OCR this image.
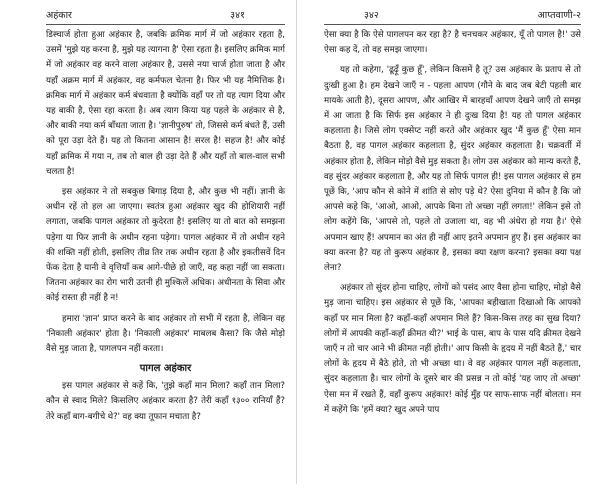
अहंकार	३४१

डिस्चार्ज होता हुआ अहंकार है, जबकि क्रमिक मार्ग में जो अहंकार रहता है, उसमें 'मुझे यह करना है, मुझे यह त्यागना है' ऐसा रहता है। इसलिए क्रमिक मार्ग में जो अहंकार वह करने वाला अहंकार है, उससे नया चार्ज होता जाता है और यहाँ अक्रम मार्ग में अहंकार, वह कर्मफल चेतना है। फिर भी यह नैमित्तिक है। क्रमिक मार्ग में अहंकार कर्म बंधवाता है क्योंकि वहाँ पर तो यह त्याग दिया और यह बाकी है, ऐसा रहा करता है। अब त्याग किया यह पहले के अहंकार से है, और बाकी नया कर्म बाँधता जाता है। 'ज्ञानीपुरुष' तो, जिससे कर्म बंधते हैं, उसी को पूरा उड़ा देते हैं। यह तो कितना आसान है! सरल है! सहज है! और कोई यहाँ क्रमिक में गया न, तब तो बाल ही उड़ा देते हैं और यहाँ तो बाल-वाल सभी चलता है!

इस अहंकार ने तो सबकुछ बिगाड़ दिया है, और कुछ भी नहीं। ज्ञानी के अधीन रहें तो हल आ जाएगा। स्वतंत्र हुआ अहंकार खुद की होशियारी नहीं लगाता, जबकि पागल अहंकार तो कुदेरता है! इसलिए या तो बात को समझना पड़ेगा या फिर ज्ञानी के अधीन रहना पड़ेगा। पागल अहंकार में तो अधीन रहने की शक्ति नहीं होती, इसलिए तीव्र तिर तक अधीन रहता है और इकतीसवें दिन फेंक देता है यानी वे वृत्तियाँ कब आगे-पीछे हो जाएँ, वह कहा नहीं जा सकता। जितना अहंकार का रोग भारी उतनी ही मुश्किलें अधिक। अधीनता के सिवा और कोई रास्ता ही नहीं है न!

हमारा 'ज्ञान' प्राप्त करने के बाद अहंकार तो सभी में रहता है, लेकिन वह 'निकाली अहंकार' होता है। 'निकाली अहंकार' माबलब कैसा? कि जैसे मोड़ो वैसे मुड़ जाता है, पागलपन नहीं करता।

पागल अहंकार

इस पागल अहंकार से कहें कि, 'तुझे कहाँ मान मिला? कहाँ तान मिला? कौन से स्वाद मिले? किसलिए अहंकार करता है? तेरी कहाँ १३०० रानियाँ हैं? तेरे कहाँ बाग-बगीचे थे?' वह क्या तूफान मचाता है?

३४२	आप्तवाणी-२

ऐसा क्या है कि ऐसे पागलपन कर रहा है? है चनचकर अहंकार, यूँ तो पागल है!' उसे ऐसा कह दें, तो वह समझ जाएगा।

यह तो कहेगा, 'ढूढ़ूँ कुछ हूँ', लेकिन किसमें है तू? उस अहंकार के प्रताप से तो दुःखी हुआ है। हम देखने जाएँ न - पहला आपण (गौने के बाद जब बेटी पहली बार मायके आती है), दूसरा आपण, और आखिर में बारहवाँ आपण देखने जाएँ तो समझ में आ जाता है कि सिर्फ इस अहंकार ने ही दुःख दिया है! यह तो पागल अहंकार कहलाता है। जिसे लोग एक्सेप्ट नहीं करते और अहंकार खुद 'मैं कुछ हूँ' ऐसा मान बैठता है, वह पागल अहंकार कहलाता है, सुंदर अहंकार कहलाता है। चक्रवर्ती में अहंकार होता है, लेकिन मोड़ो वैसे मुड़ सकता है। लोग उस अहंकार को मान्य करते हैं, वह सुंदर अहंकार कहलाता है, और यह तो सिर्फ पागल ही! इस पागल अहंकार से हम पूछें कि, 'आप कौन से कोने में शांति से सोए पड़े थे? ऐसा दुनिया में कौन है कि जो आपसे कहे कि, 'आओ, आओ, आपके बिना तो अच्छा नहीं लगता!' लेकिन इसे तो लोग कहेंगे कि, 'आपसे तो, पहले तो उजाला था, वह भी अंधेरा हो गया है।' ऐसे अपमान खाए हैं! अपमान का अंत ही नहीं आए इतने अपमान हुए हैं। इस अहंकार का क्या करना है? यह तो कुरूप अहंकार है, इसका क्या रक्षण करना? इसका क्या पक्ष लेना?

अहंकार तो सुंदर होना चाहिए, लोगों को पसंद आए वैसा होना चाहिए, मोड़ो वैसे मुड़ जाना चाहिए। इस अहंकार से पूछें कि, 'आपका बहीखाता दिखाओ कि आपको कहाँ पर मान मिला है? कहाँ-कहाँ अपमान मिले हैं? किस-किस तरह का सुख दिया? लोगों में आपकी कहाँ-कहाँ क्रीमत थी?' भाई के पास, बाप के पास यदि क्रीमत देखने जाएँ न तो चार आने भी क्रीमत नहीं होती।' आप किसी के हृदय में नहीं बैठते हैं,' चार लोगों के हृदय में बैठे होते, तो भी अच्छा था। वे वह अहंकार पागल नहीं कहलाता, सुंदर कहलाता है। चार लोगों के दूसरे बार की प्रसन्न न तो कोई 'यह जाए तो अच्छा' ऐसा मन में रखते हैं, वहाँ कुरूप अहंकार! कोई मुँह पर साफ-साफ नहीं बोलता। मन में कहेंगे कि 'हमें क्या? खुद अपने पाप
